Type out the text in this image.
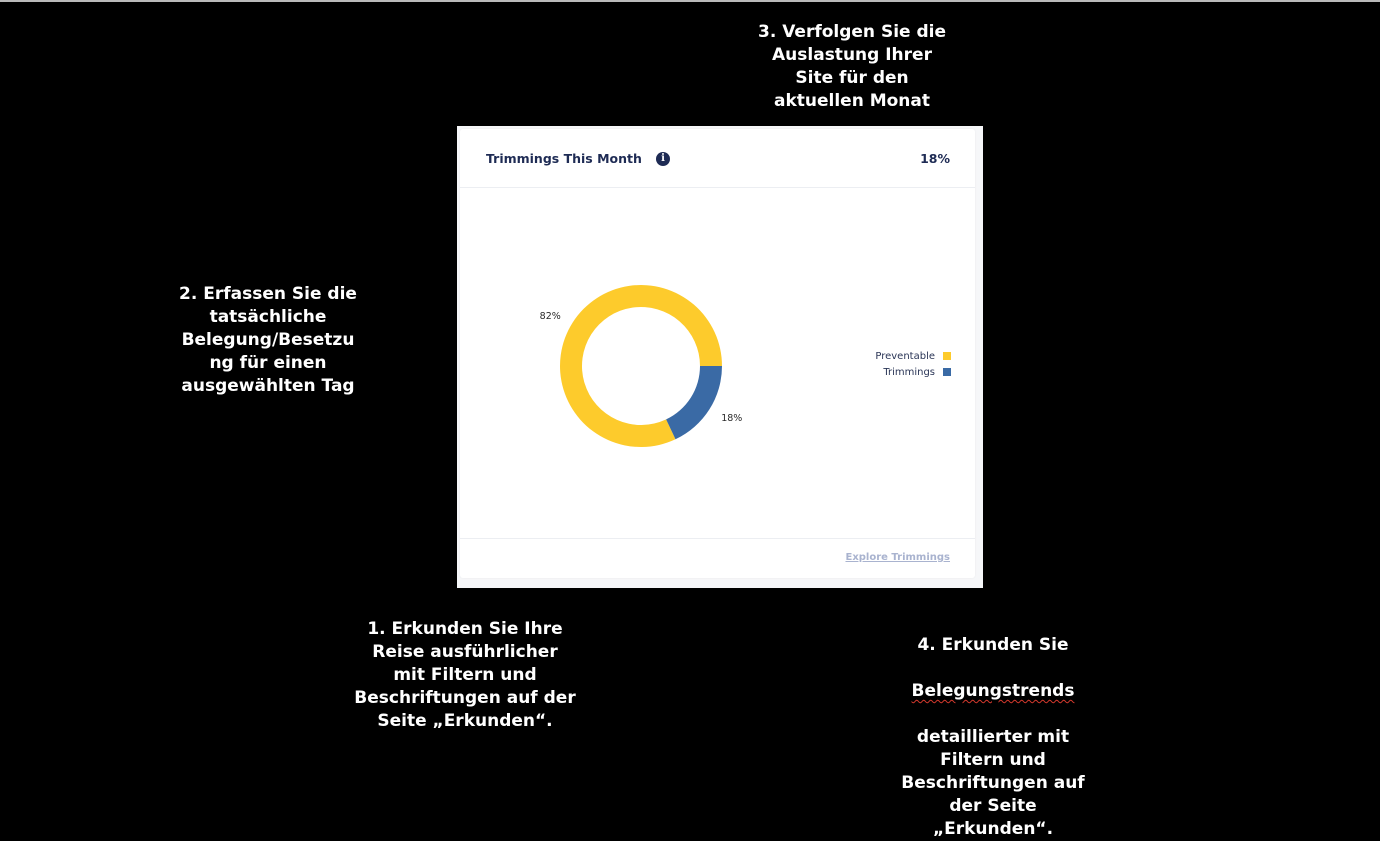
3. Verfolgen Sie die
Auslastung Ihrer
Site für den
aktuellen Monat
2. Erfassen Sie die
tatsächliche
Belegung/Besetzu
ng für einen
ausgewählten Tag
1. Erkunden Sie Ihre
Reise ausführlicher
mit Filtern und
Beschriftungen auf der
Seite „Erkunden“.

4. Erkunden Sie

Belegungstrends

detaillierter mit
Filtern und
Beschriftungen auf
der Seite
„Erkunden“.

Trimmings This Month	i	18%
82%
18%
Preventable
Trimmings
Explore Trimmings
